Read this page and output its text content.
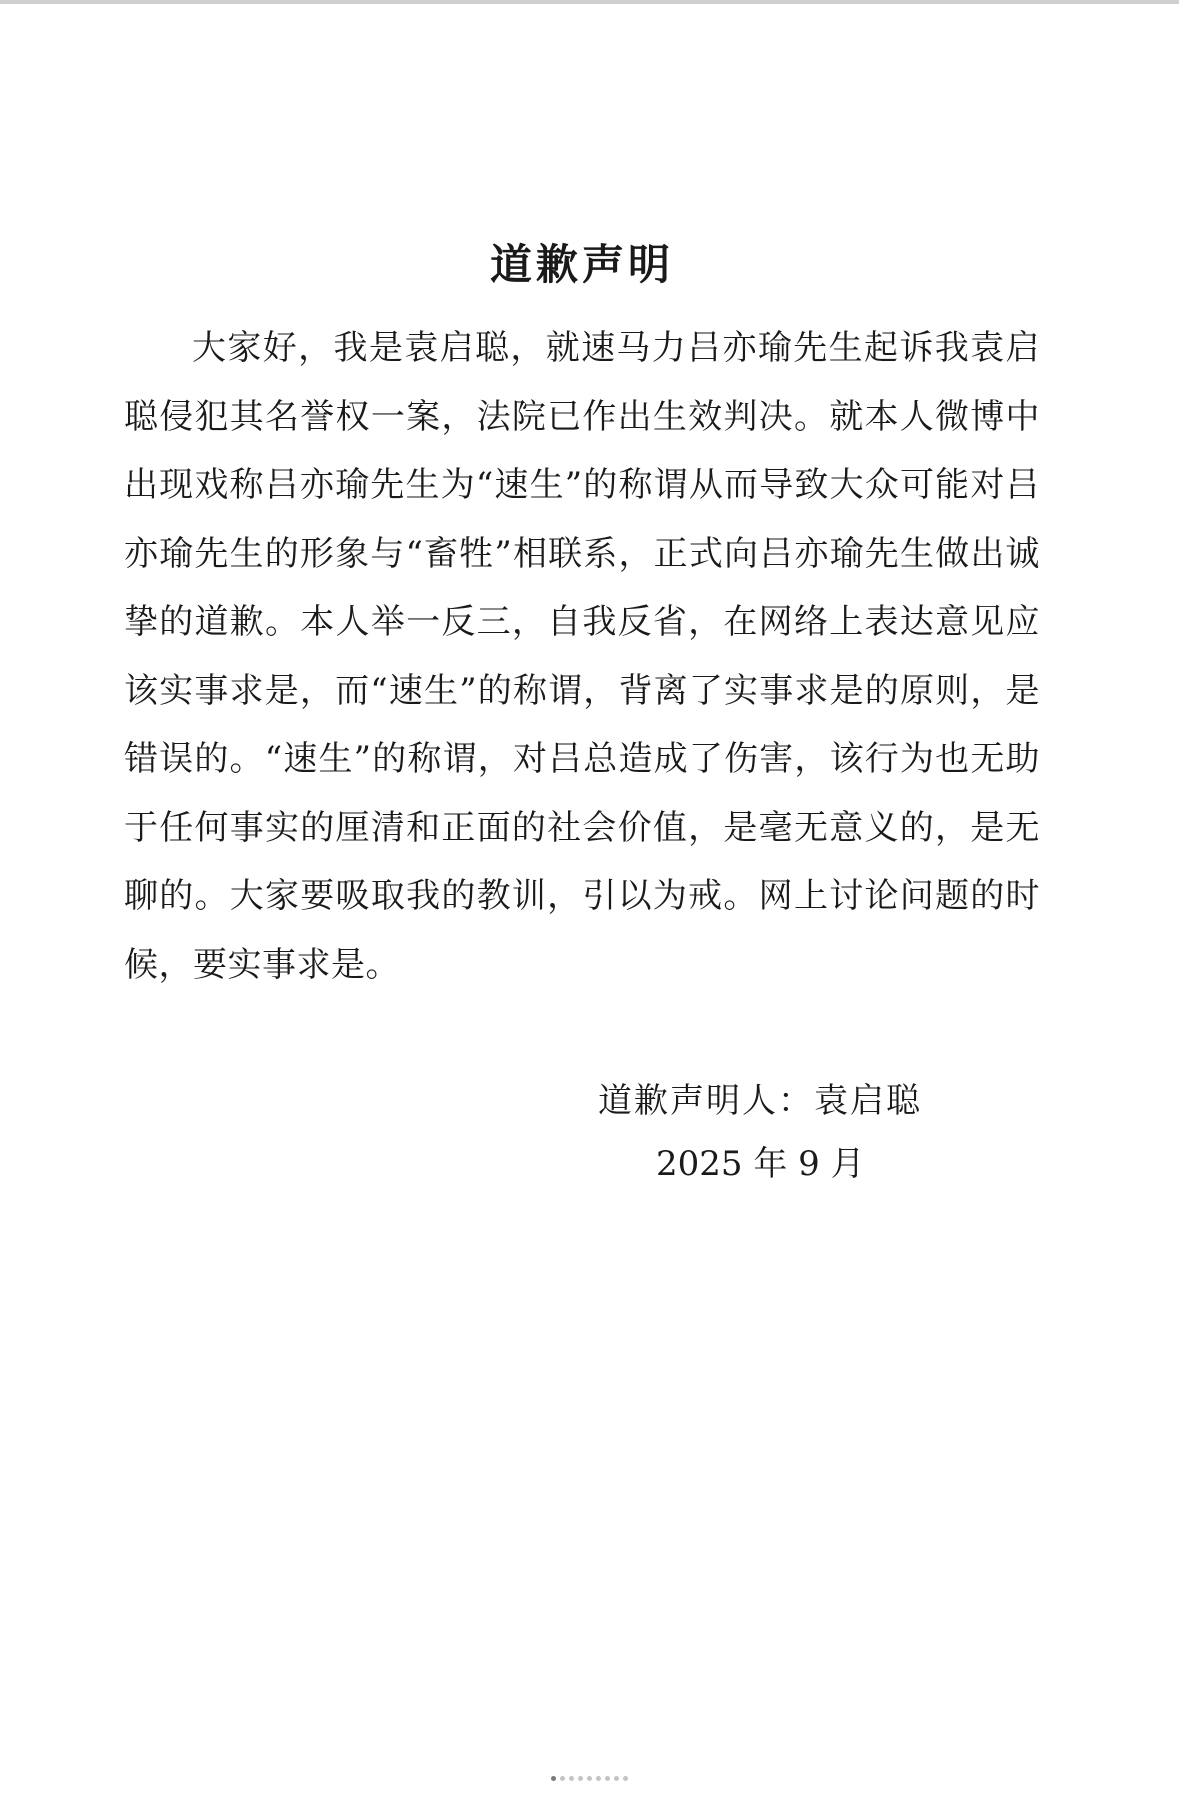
道歉声明

大家好，我是袁启聪，就速马力吕亦瑜先生起诉我袁启聪侵犯其名誉权一案，法院已作出生效判决。就本人微博中出现戏称吕亦瑜先生为“速生”的称谓从而导致大众可能对吕亦瑜先生的形象与“畜牲”相联系，正式向吕亦瑜先生做出诚挚的道歉。本人举一反三，自我反省，在网络上表达意见应该实事求是，而“速生”的称谓，背离了实事求是的原则，是错误的。“速生”的称谓，对吕总造成了伤害，该行为也无助于任何事实的厘清和正面的社会价值，是毫无意义的，是无聊的。大家要吸取我的教训，引以为戒。网上讨论问题的时候，要实事求是。

道歉声明人：袁启聪
2025 年 9 月
